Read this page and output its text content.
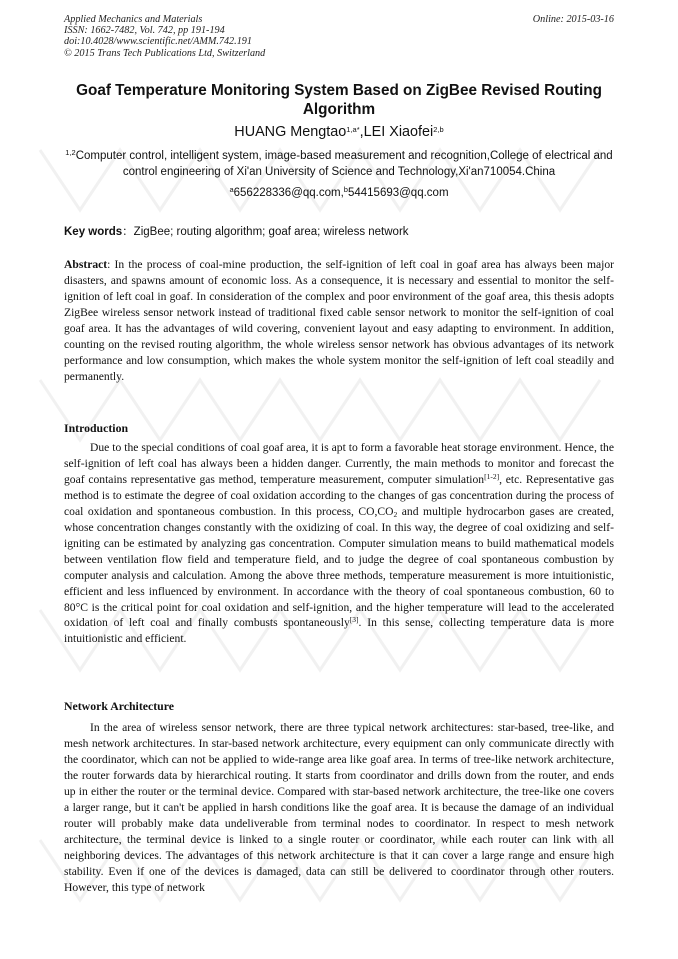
Applied Mechanics and Materials
ISSN: 1662-7482, Vol. 742, pp 191-194
doi:10.4028/www.scientific.net/AMM.742.191
© 2015 Trans Tech Publications Ltd, Switzerland
Online: 2015-03-16
Goaf Temperature Monitoring System Based on ZigBee Revised Routing Algorithm
HUANG Mengtao$^{1,a*}$,LEI Xiaofei$^{2,b}$
$^{1,2}$Computer control, intelligent system, image-based measurement and recognition,College of electrical and control engineering of Xi'an University of Science and Technology,Xi'an710054.China
$^a$656228336@qq.com,$^b$54415693@qq.com
Key words：ZigBee; routing algorithm; goaf area; wireless network

Abstract: In the process of coal-mine production, the self-ignition of left coal in goaf area has always been major disasters, and spawns amount of economic loss. As a consequence, it is necessary and essential to monitor the self-ignition of left coal in goaf. In consideration of the complex and poor environment of the goaf area, this thesis adopts ZigBee wireless sensor network instead of traditional fixed cable sensor network to monitor the self-ignition of coal goaf area. It has the advantages of wild covering, convenient layout and easy adapting to environment. In addition, counting on the revised routing algorithm, the whole wireless sensor network has obvious advantages of its network performance and low consumption, which makes the whole system monitor the self-ignition of left coal steadily and permanently.

Introduction

Due to the special conditions of coal goaf area, it is apt to form a favorable heat storage environment. Hence, the self-ignition of left coal has always been a hidden danger. Currently, the main methods to monitor and forecast the goaf contains representative gas method, temperature measurement, computer simulation[1-2], etc. Representative gas method is to estimate the degree of coal oxidation according to the changes of gas concentration during the process of coal oxidation and spontaneous combustion. In this process, $CO,CO_2$ and multiple hydrocarbon gases are created, whose concentration changes constantly with the oxidizing of coal. In this way, the degree of coal oxidizing and self-igniting can be estimated by analyzing gas concentration. Computer simulation means to build mathematical models between ventilation flow field and temperature field, and to judge the degree of coal spontaneous combustion by computer analysis and calculation. Among the above three methods, temperature measurement is more intuitionistic, efficient and less influenced by environment. In accordance with the theory of coal spontaneous combustion, 60 to 80°C is the critical point for coal oxidation and self-ignition, and the higher temperature will lead to the accelerated oxidation of left coal and finally combusts spontaneously[3]. In this sense, collecting temperature data is more intuitionistic and efficient.

Network Architecture

In the area of wireless sensor network, there are three typical network architectures: star-based, tree-like, and mesh network architectures. In star-based network architecture, every equipment can only communicate directly with the coordinator, which can not be applied to wide-range area like goaf area. In terms of tree-like network architecture, the router forwards data by hierarchical routing. It starts from coordinator and drills down from the router, and ends up in either the router or the terminal device. Compared with star-based network architecture, the tree-like one covers a larger range, but it can't be applied in harsh conditions like the goaf area. It is because the damage of an individual router will probably make data undeliverable from terminal nodes to coordinator. In respect to mesh network architecture, the terminal device is linked to a single router or coordinator, while each router can link with all neighboring devices. The advantages of this network architecture is that it can cover a large range and ensure high stability. Even if one of the devices is damaged, data can still be delivered to coordinator through other routers. However, this type of network
